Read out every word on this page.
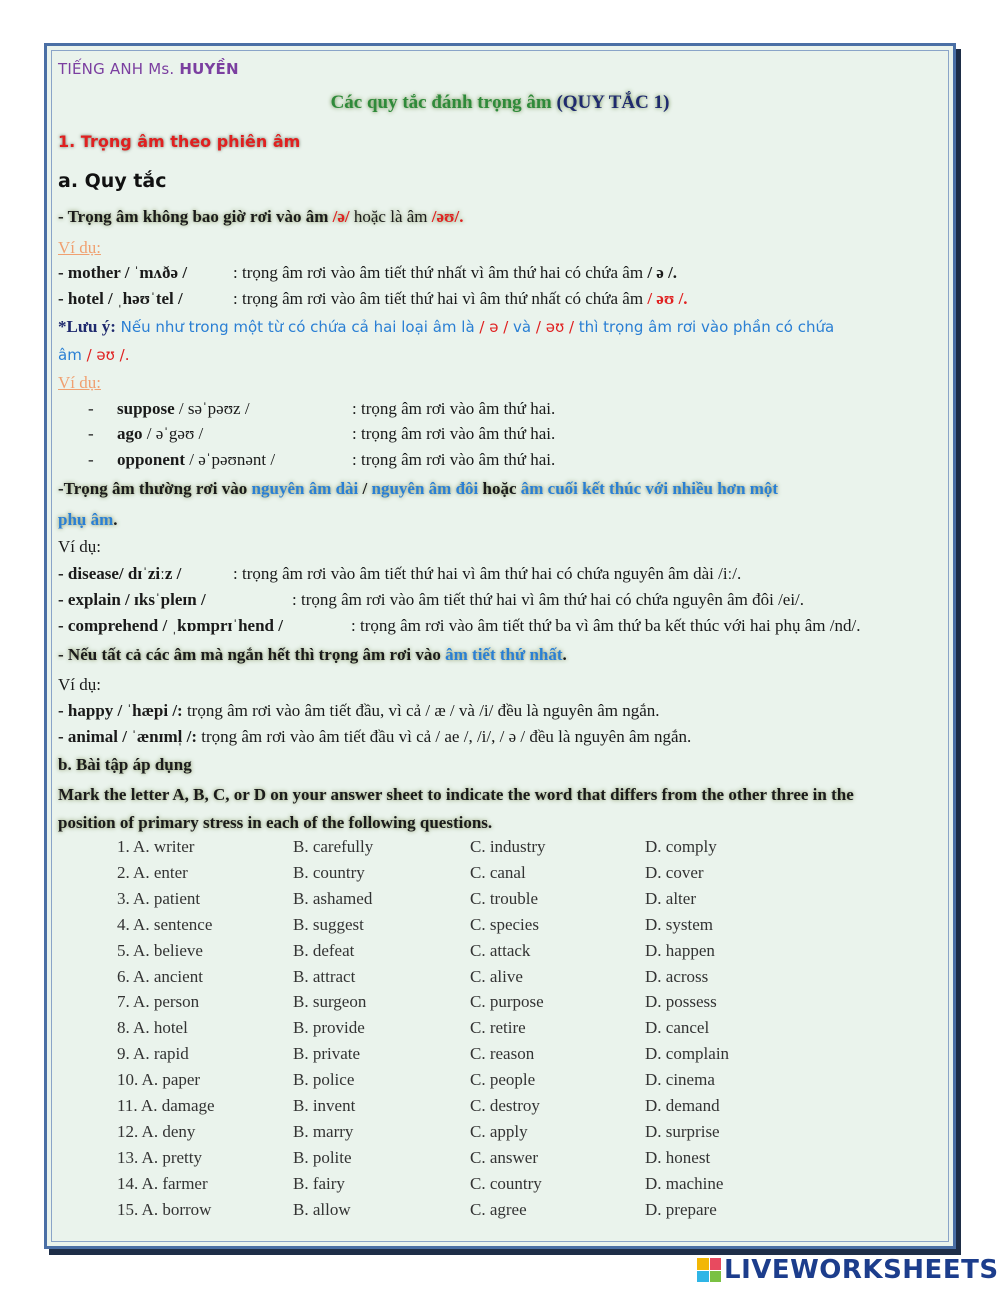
TIẾNG ANH Ms. HUYỀN
Các quy tắc đánh trọng âm (QUY TẮC 1)
1. Trọng âm theo phiên âm
a. Quy tắc
- Trọng âm không bao giờ rơi vào âm /ə/ hoặc là âm /əʊ/.
Ví dụ:
- mother / ˈmʌðə /	: trọng âm rơi vào âm tiết thứ nhất vì âm thứ hai có chứa âm / ə /.
- hotel / ˌhəʊˈtel /	: trọng âm rơi vào âm tiết thứ hai vì âm thứ nhất có chứa âm / əʊ /.
*Lưu ý: Nếu như trong một từ có chứa cả hai loại âm là / ə / và / əʊ / thì trọng âm rơi vào phần có chứa
âm / əʊ /.
Ví dụ:
- suppose / səˈpəʊz /	: trọng âm rơi vào âm thứ hai.
- ago / əˈgəʊ /	: trọng âm rơi vào âm thứ hai.
- opponent / əˈpəʊnənt /	: trọng âm rơi vào âm thứ hai.
-Trọng âm thường rơi vào nguyên âm dài / nguyên âm đôi hoặc âm cuối kết thúc với nhiều hơn một
phụ âm.
Ví dụ:
- disease/ dɪˈziːz /	: trọng âm rơi vào âm tiết thứ hai vì âm thứ hai có chứa nguyên âm dài /iː/.
- explain / ɪksˈpleɪn /	: trọng âm rơi vào âm tiết thứ hai vì âm thứ hai có chứa nguyên âm đôi /ei/.
- comprehend / ˌkɒmprɪˈhend /	: trọng âm rơi vào âm tiết thứ ba vì âm thứ ba kết thúc với hai phụ âm /nd/.
- Nếu tất cả các âm mà ngắn hết thì trọng âm rơi vào âm tiết thứ nhất.
Ví dụ:
- happy / ˈhæpi /: trọng âm rơi vào âm tiết đầu, vì cả / æ / và /i/ đều là nguyên âm ngắn.
- animal / ˈænɪml̩ /: trọng âm rơi vào âm tiết đầu vì cả / ae /, /i/, / ə / đều là nguyên âm ngắn.
b. Bài tập áp dụng
Mark the letter A, B, C, or D on your answer sheet to indicate the word that differs from the other three in the
position of primary stress in each of the following questions.
1. A. writer	B. carefully	C. industry	D. comply
2. A. enter	B. country	C. canal	D. cover
3. A. patient	B. ashamed	C. trouble	D. alter
4. A. sentence	B. suggest	C. species	D. system
5. A. believe	B. defeat	C. attack	D. happen
6. A. ancient	B. attract	C. alive	D. across
7. A. person	B. surgeon	C. purpose	D. possess
8. A. hotel	B. provide	C. retire	D. cancel
9. A. rapid	B. private	C. reason	D. complain
10. A. paper	B. police	C. people	D. cinema
11. A. damage	B. invent	C. destroy	D. demand
12. A. deny	B. marry	C. apply	D. surprise
13. A. pretty	B. polite	C. answer	D. honest
14. A. farmer	B. fairy	C. country	D. machine
15. A. borrow	B. allow	C. agree	D. prepare
LIVEWORKSHEETS
